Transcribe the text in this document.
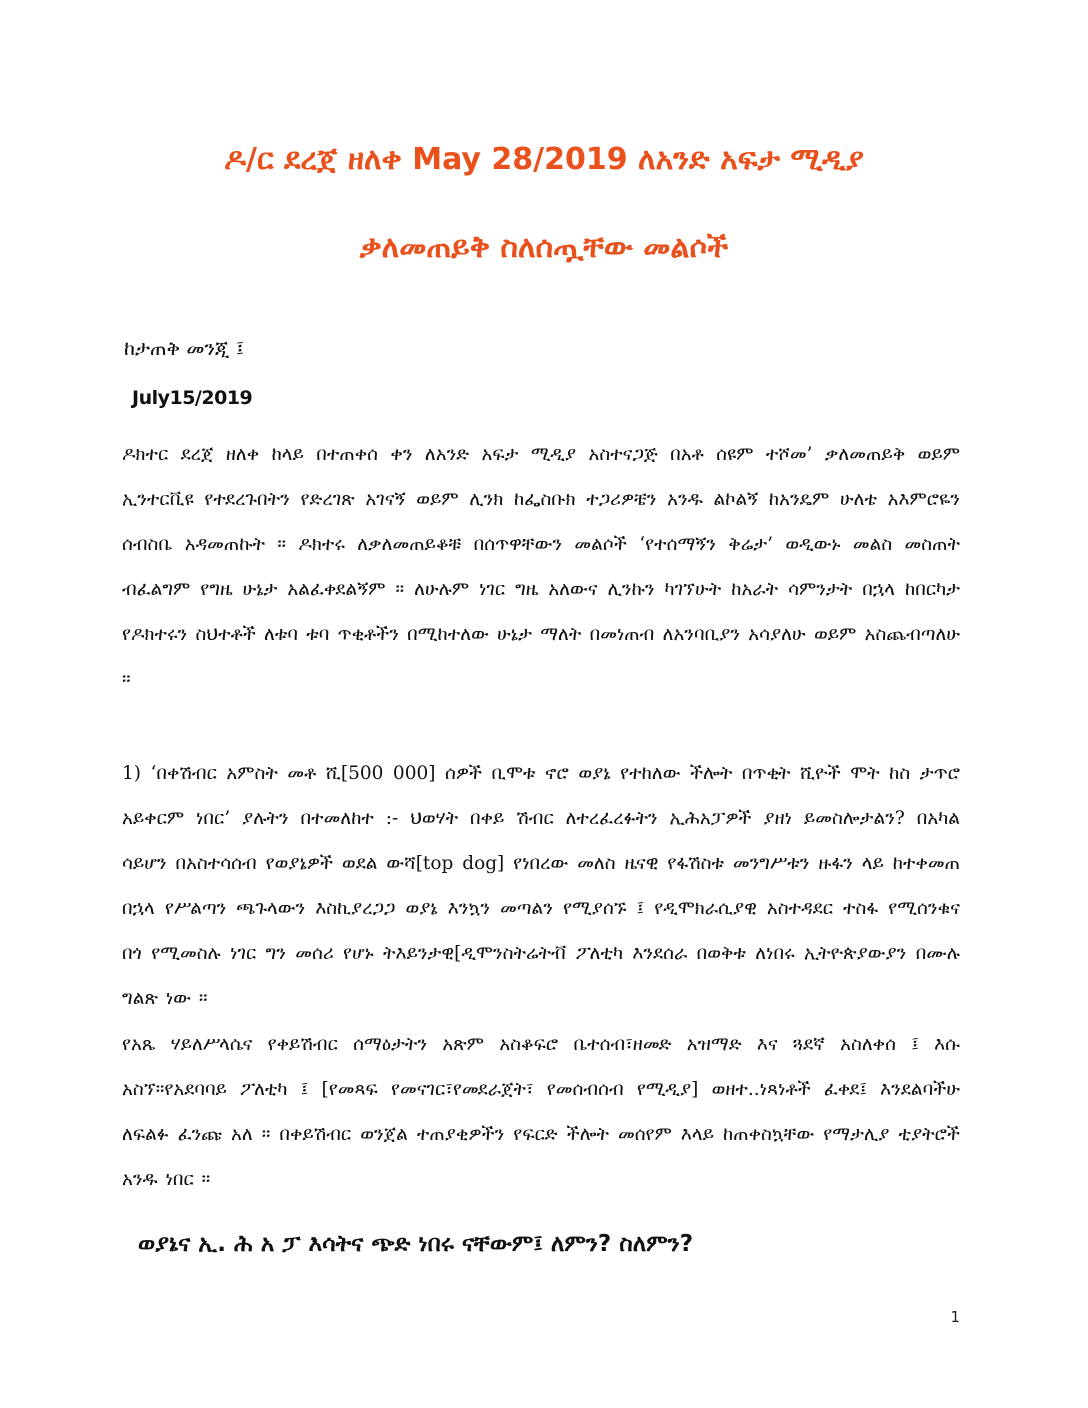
ዶ/ር ደረጀ ዘለቀ May 28/2019 ለአንድ አፍታ ሚዲያ
ቃለመጠይቅ ስለሰጧቸው መልሶች

ከታጠቅ መንጂ ፤

July15/2019

ዶክተር ደረጀ ዘለቀ ከላይ በተጠቀሰ ቀን ለአንድ አፍታ ሚዲያ አስተናጋጅ በአቶ ሰዩም ተሾመ’ ቃለመጠይቅ ወይም ኢንተርቪዩ የተደረጉበትን የድረገጽ አገናኝ ወይም ሊንክ ከፌስቡክ ተጋሪዎቼን አንዱ ልኮልኝ ከአንዴም ሁለቴ አእምሮዬን ሰብስቤ አዳመጠኩት ። ዶክተሩ ለቃለመጠይቆቹ በሰጥዋቸውን መልሶች ‘የተሰማኝን ቅሬታ’ ወዲውኑ መልስ መስጠት ብፈልግም የግዜ ሁኔታ አልፈቀደልኝም ። ለሁሉም ነገር ግዜ አለውና ሊንኩን ካገኘሁት ከአራት ሳምንታት በኋላ ከበርካታ የዶክተሩን ስህተቶች ለቱባ ቱባ ጥቂቶችን በሚከተለው ሁኔታ ማለት በመነጠብ ለአንባቢያን አሳያለሁ ወይም አስጨብጣለሁ ።

1) ‘በቀሽብር አምስት መቶ ሺ[500 000] ሰዎች ቢሞቱ ኖሮ ወያኔ የተከለው ችሎት በጥቂት ሺዮች ሞት ከስ ታጥሮ አይቀርም ነበር’ ያሉትን በተመለከተ :- ህወሃት በቀይ ሽብር ለተረፈረፉትን ኢሕአፓዎች ያዘነ ይመስሎታልን? በአካል ሳይሆን በአስተሳሰብ የወያኔዎች ወደል ውሻ[top dog] የነበረው መለስ ዜናዊ የፋሽስቱ መንግሥቱን ዙፋን ላይ ከተቀመጠ በኋላ የሥልጣን ጫጉላውን እስኪያረጋጋ ወያኔ እንኳን መጣልን የሚያሰኙ ፤ የዲሞክራሲያዊ አስተዳደር ተስፋ የሚሰንቁና በጎ የሚመስሉ ነገር ግን መሰሪ የሆኑ ትእይንታዊ[ዲሞንስትሬትቭ ፖለቲካ እንደሰራ በወቅቱ ለነበሩ ኢትዮጵያውያን በሙሉ ግልጽ ነው ።

የአጼ ሃይለሥላሴና የቀይሽብር ሰማዕታትን አጽም አስቆፍሮ ቤተሰብ፣ዘመድ አዝማድ እና ጓደኛ አስለቀሰ ፤ እሱ አስኘ።የአደባባይ ፖለቲካ ፤ [የመጻፍ የመናገር፣የመደራጀት፣ የመሰብሰብ የሚዲያ] ወዘተ..ነጻነቶች ፈቀደ፤ እንደልባችሁ ለፍልፉ ፈንጩ አለ ። በቀይሽብር ወንጀል ተጠያቂዎችን የፍርድ ችሎት መሰየም እላይ ከጠቀስኳቸው የማታሊያ ቲያትሮች አንዱ ነበር ።

ወያኔና ኢ. ሕ አ ፓ እሳትና ጭድ ነበሩ ናቸውም፤ ለምን? ስለምን?

1
